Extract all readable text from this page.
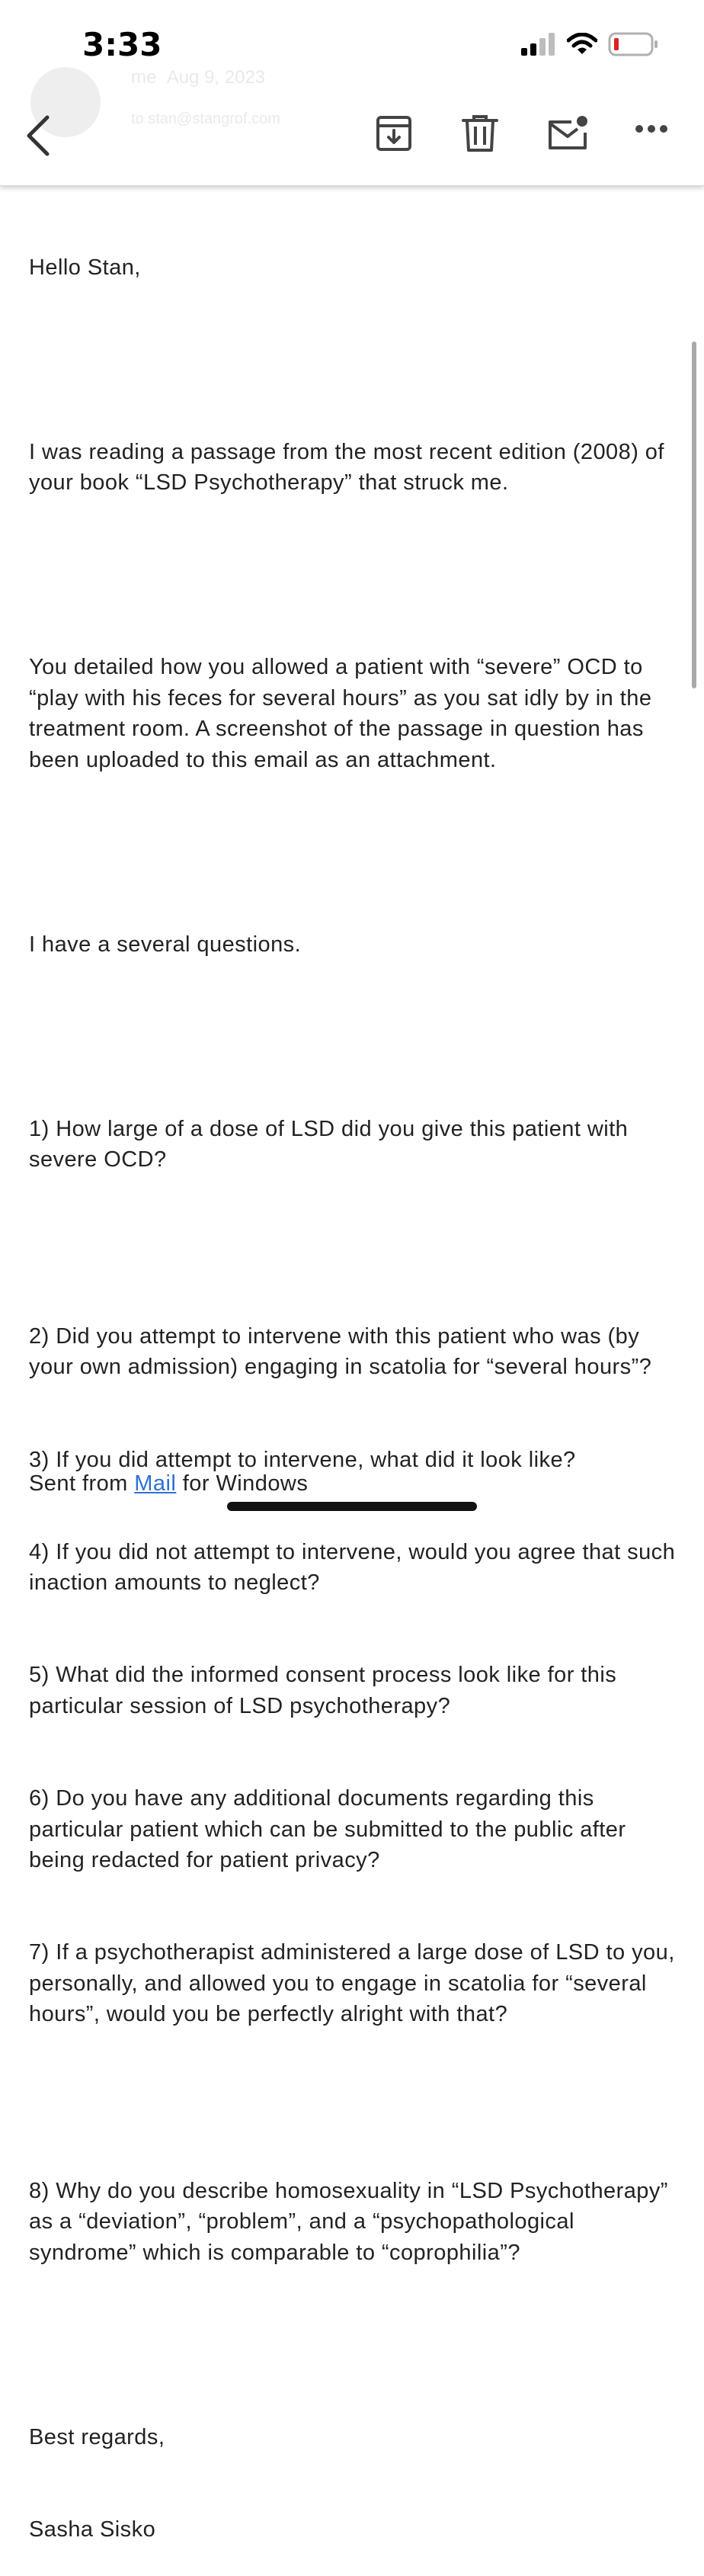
3:33
me Aug 9, 2023
to stan@stangrof.com

Hello Stan,

I was reading a passage from the most recent edition (2008) of your book “LSD Psychotherapy” that struck me.

You detailed how you allowed a patient with “severe” OCD to “play with his feces for several hours” as you sat idly by in the treatment room. A screenshot of the passage in question has been uploaded to this email as an attachment.

I have a several questions.

1) How large of a dose of LSD did you give this patient with severe OCD?

2) Did you attempt to intervene with this patient who was (by your own admission) engaging in scatolia for “several hours”?

3) If you did attempt to intervene, what did it look like?

4) If you did not attempt to intervene, would you agree that such inaction amounts to neglect?

5) What did the informed consent process look like for this particular session of LSD psychotherapy?

6) Do you have any additional documents regarding this particular patient which can be submitted to the public after being redacted for patient privacy?

7) If a psychotherapist administered a large dose of LSD to you, personally, and allowed you to engage in scatolia for “several hours”, would you be perfectly alright with that?

8) Why do you describe homosexuality in “LSD Psychotherapy” as a “deviation”, “problem”, and a “psychopathological syndrome” which is comparable to “coprophilia”?

Best regards,

Sasha Sisko

Sent from Mail for Windows
